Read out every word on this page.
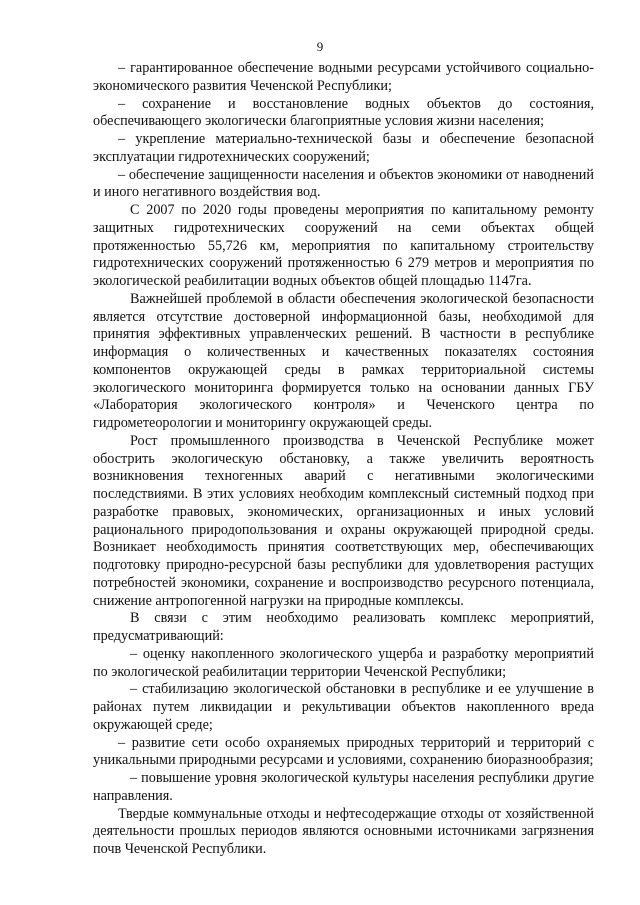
9

– гарантированное обеспечение водными ресурсами устойчивого социально-экономического развития Чеченской Республики;

– сохранение и восстановление водных объектов до состояния, обеспечивающего экологически благоприятные условия жизни населения;

– укрепление материально-технической базы и обеспечение безопасной эксплуатации гидротехнических сооружений;

– обеспечение защищенности населения и объектов экономики от наводнений и иного негативного воздействия вод.

С 2007 по 2020 годы проведены мероприятия по капитальному ремонту защитных гидротехнических сооружений на семи объектах общей протяженностью 55,726 км, мероприятия по капитальному строительству гидротехнических сооружений протяженностью 6 279 метров и мероприятия по экологической реабилитации водных объектов общей площадью 1147га.

Важнейшей проблемой в области обеспечения экологической безопасности является отсутствие достоверной информационной базы, необходимой для принятия эффективных управленческих решений. В частности в республике информация о количественных и качественных показателях состояния компонентов окружающей среды в рамках территориальной системы экологического мониторинга формируется только на основании данных ГБУ «Лаборатория экологического контроля» и Чеченского центра по гидрометеорологии и мониторингу окружающей среды.

Рост промышленного производства в Чеченской Республике может обострить экологическую обстановку, а также увеличить вероятность возникновения техногенных аварий с негативными экологическими последствиями. В этих условиях необходим комплексный системный подход при разработке правовых, экономических, организационных и иных условий рационального природопользования и охраны окружающей природной среды. Возникает необходимость принятия соответствующих мер, обеспечивающих подготовку природно-ресурсной базы республики для удовлетворения растущих потребностей экономики, сохранение и воспроизводство ресурсного потенциала, снижение антропогенной нагрузки на природные комплексы.

В связи с этим необходимо реализовать комплекс мероприятий, предусматривающий:

– оценку накопленного экологического ущерба и разработку мероприятий по экологической реабилитации территории Чеченской Республики;

– стабилизацию экологической обстановки в республике и ее улучшение в районах путем ликвидации и рекультивации объектов накопленного вреда окружающей среде;

– развитие сети особо охраняемых природных территорий и территорий с уникальными природными ресурсами и условиями, сохранению биоразнообразия;

– повышение уровня экологической культуры населения республики другие направления.

Твердые коммунальные отходы и нефтесодержащие отходы от хозяйственной деятельности прошлых периодов являются основными источниками загрязнения почв Чеченской Республики.
